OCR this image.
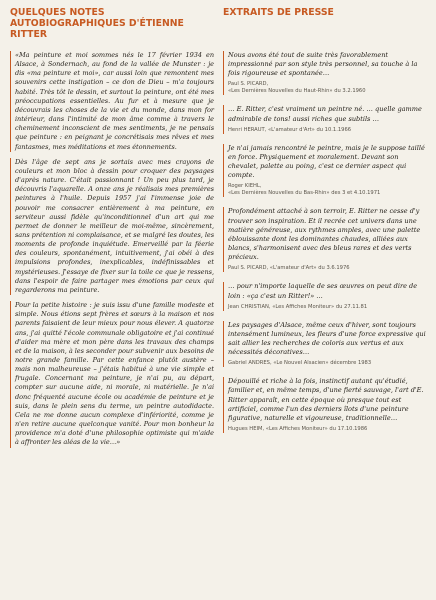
QUELQUES NOTES AUTOBIOGRAPHIQUES D'ÉTIENNE RITTER

«Ma peinture et moi sommes nés le 17 février 1934 en Alsace, à Sondernach, au fond de la vallée de Munster : je dis «ma peinture et moi», car aussi loin que remontent mes souvenirs cette instigation – ce don de Dieu – m'a toujours habité. Très tôt le dessin, et surtout la peinture, ont été mes préoccupations essentielles. Au fur et à mesure que je découvrais les choses de la vie et du monde, dans mon for intérieur, dans l'intimité de mon âme comme à travers le cheminement inconscient de mes sentiments, je ne pensais que peinture : en peignant je concrétisais mes rêves et mes fantasmes, mes méditations et mes étonnements.

Dès l'âge de sept ans je sortais avec mes crayons de couleurs et mon bloc à dessin pour croquer des paysages d'après nature. C'était passionnant ! Un peu plus tard, je découvris l'aquarelle. A onze ans je réalisais mes premières peintures à l'huile. Depuis 1957 j'ai l'immense joie de pouvoir me consacrer entièrement à ma peinture, en serviteur aussi fidèle qu'inconditionnel d'un art qui me permet de donner le meilleur de moi-même, sincèrement, sans prétention ni complaisance, et se malgré les doutes, les moments de profonde inquiétude. Emerveillé par la féerie des couleurs, spontanément, intuitivement, j'ai obéi à des impulsions profondes, inexplicables, indéfinissables et mystérieuses. J'essaye de fixer sur la toile ce que je ressens, dans l'espoir de faire partager mes émotions par ceux qui regarderons ma peinture.

Pour la petite histoire : je suis issu d'une famille modeste et simple. Nous étions sept frères et sœurs à la maison et nos parents faisaient de leur mieux pour nous élever. A quatorze ans, j'ai quitté l'école communale obligatoire et j'ai continué d'aider ma mère et mon père dans les travaux des champs et de la maison, à les seconder pour subvenir aux besoins de notre grande famille. Par cette enfance plutôt austère – mais non malheureuse – j'étais habitué à une vie simple et frugale. Concernant ma peinture, je n'ai pu, au départ, compter sur aucune aide, ni morale, ni matérielle. Je n'ai donc fréquenté aucune école ou académie de peinture et je suis, dans le plein sens du terme, un peintre autodidacte. Cela ne me donne aucun complexe d'infériorité, comme je n'en retire aucune quelconque vanité. Pour mon bonheur la providence m'a doté d'une philosophie optimiste qui m'aide à affronter les aléas de la vie…»

EXTRAITS DE PRESSE

Nous avons été tout de suite très favorablement impressionné par son style très personnel, sa touche à la fois rigoureuse et spontanée…

Paul S. PICARD,
«Les Dernières Nouvelles du Haut-Rhin» du 3.2.1960

… E. Ritter, c'est vraiment un peintre né. … quelle gamme admirable de tons! aussi riches que subtils …

Henri HERAUT, «L'amateur d'Art» du 10.1.1966

Je n'ai jamais rencontré le peintre, mais je le suppose taillé en force. Physiquement et moralement. Devant son chevalet, palette au poing, c'est ce dernier aspect qui compte.

Roger KIEHL,
«Les Dernières Nouvelles du Bas-Rhin» des 3 et 4.10.1971

Profondément attaché à son terroir, E. Ritter ne cesse d'y trouver son inspiration. Et il recrée cet univers dans une matière généreuse, aux rythmes amples, avec une palette éblouissante dont les dominantes chaudes, alliées aux blancs, s'harmonisent avec des bleus rares et des verts précieux.

Paul S. PICARD, «L'amateur d'Art» du 3.6.1976

… pour n'importe laquelle de ses œuvres on peut dire de loin : «ça c'est un Ritter!» …

Jean CHRISTIAN, «Les Affiches Moniteur» du 27.11.81

Les paysages d'Alsace, même ceux d'hiver, sont toujours intensément lumineux, les fleurs d'une force expressive qui sait allier les recherches de coloris aux vertus et aux nécessités décoratives…

Gabriel ANDRES, «Le Nouvel Alsacien» décembre 1983

Dépouillé et riche à la fois, instinctif autant qu'étudié, familier et, en même temps, d'une fierté sauvage, l'art d'E. Ritter apparaît, en cette époque où presque tout est artificiel, comme l'un des derniers îlots d'une peinture figurative, naturelle et vigoureuse, traditionnelle…

Hugues HEIM, «Les Affiches Moniteur» du 17.10.1986
